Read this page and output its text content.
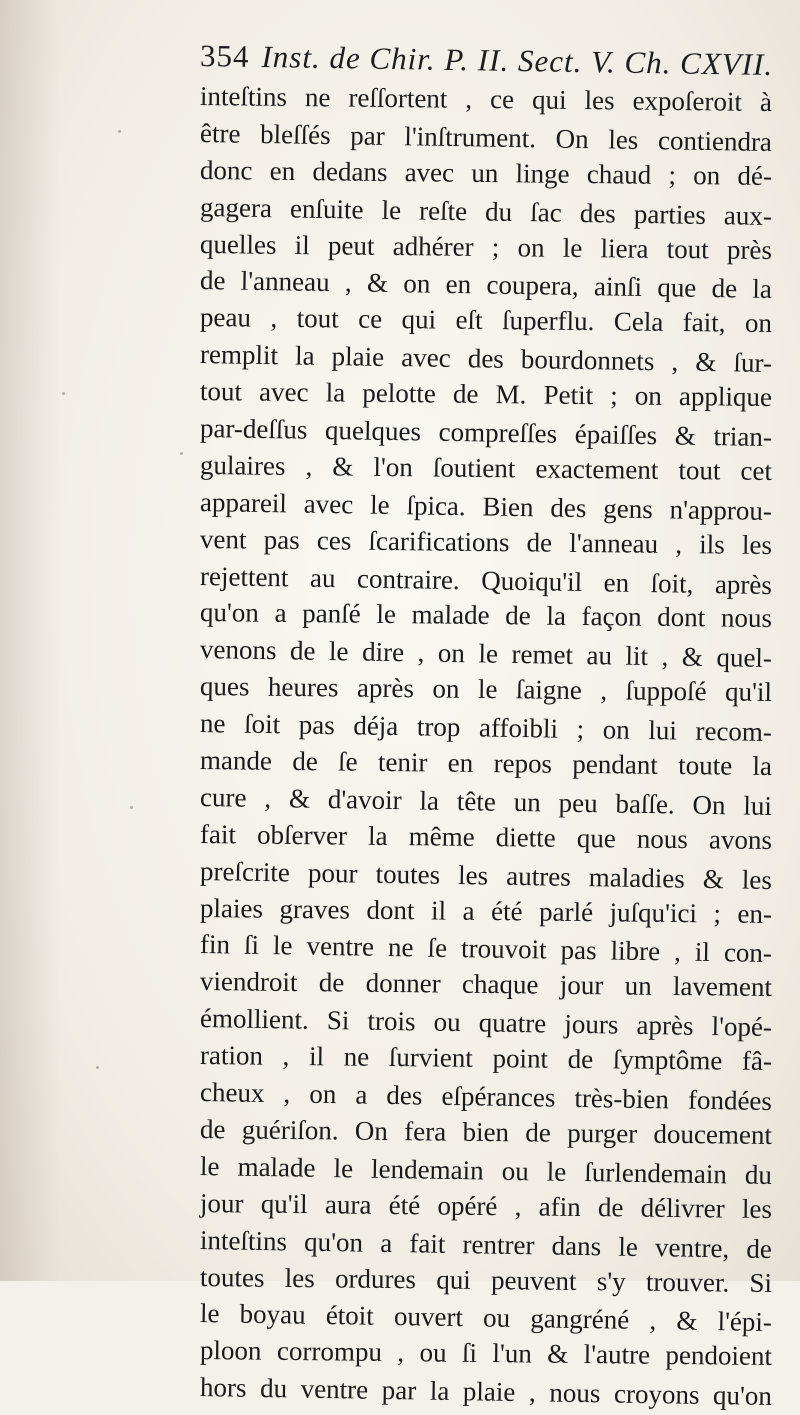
354 Inst. de Chir. P. II. Sect. V. Ch. CXVII.
inteſtins ne reſſortent , ce qui les expoſeroit à
être bleſſés par l'inſtrument. On les contiendra
donc en dedans avec un linge chaud ; on dé-
gagera enſuite le reſte du ſac des parties aux-
quelles il peut adhérer ; on le liera tout près
de l'anneau , & on en coupera, ainſi que de la
peau , tout ce qui eſt ſuperflu. Cela fait, on
remplit la plaie avec des bourdonnets , & ſur-
tout avec la pelotte de M. Petit ; on applique
par-deſſus quelques compreſſes épaiſſes & trian-
gulaires , & l'on ſoutient exactement tout cet
appareil avec le ſpica. Bien des gens n'approu-
vent pas ces ſcarifications de l'anneau , ils les
rejettent au contraire. Quoiqu'il en ſoit, après
qu'on a panſé le malade de la façon dont nous
venons de le dire , on le remet au lit , & quel-
ques heures après on le ſaigne , ſuppoſé qu'il
ne ſoit pas déja trop affoibli ; on lui recom-
mande de ſe tenir en repos pendant toute la
cure , & d'avoir la tête un peu baſſe. On lui
fait obſerver la même diette que nous avons
preſcrite pour toutes les autres maladies & les
plaies graves dont il a été parlé juſqu'ici ; en-
fin ſi le ventre ne ſe trouvoit pas libre , il con-
viendroit de donner chaque jour un lavement
émollient. Si trois ou quatre jours après l'opé-
ration , il ne ſurvient point de ſymptôme fâ-
cheux , on a des eſpérances très-bien fondées
de guériſon. On fera bien de purger doucement
le malade le lendemain ou le ſurlendemain du
jour qu'il aura été opéré , afin de délivrer les
inteſtins qu'on a fait rentrer dans le ventre, de
toutes les ordures qui peuvent s'y trouver. Si
le boyau étoit ouvert ou gangréné , & l'épi-
ploon corrompu , ou ſi l'un & l'autre pendoient
hors du ventre par la plaie , nous croyons qu'on
